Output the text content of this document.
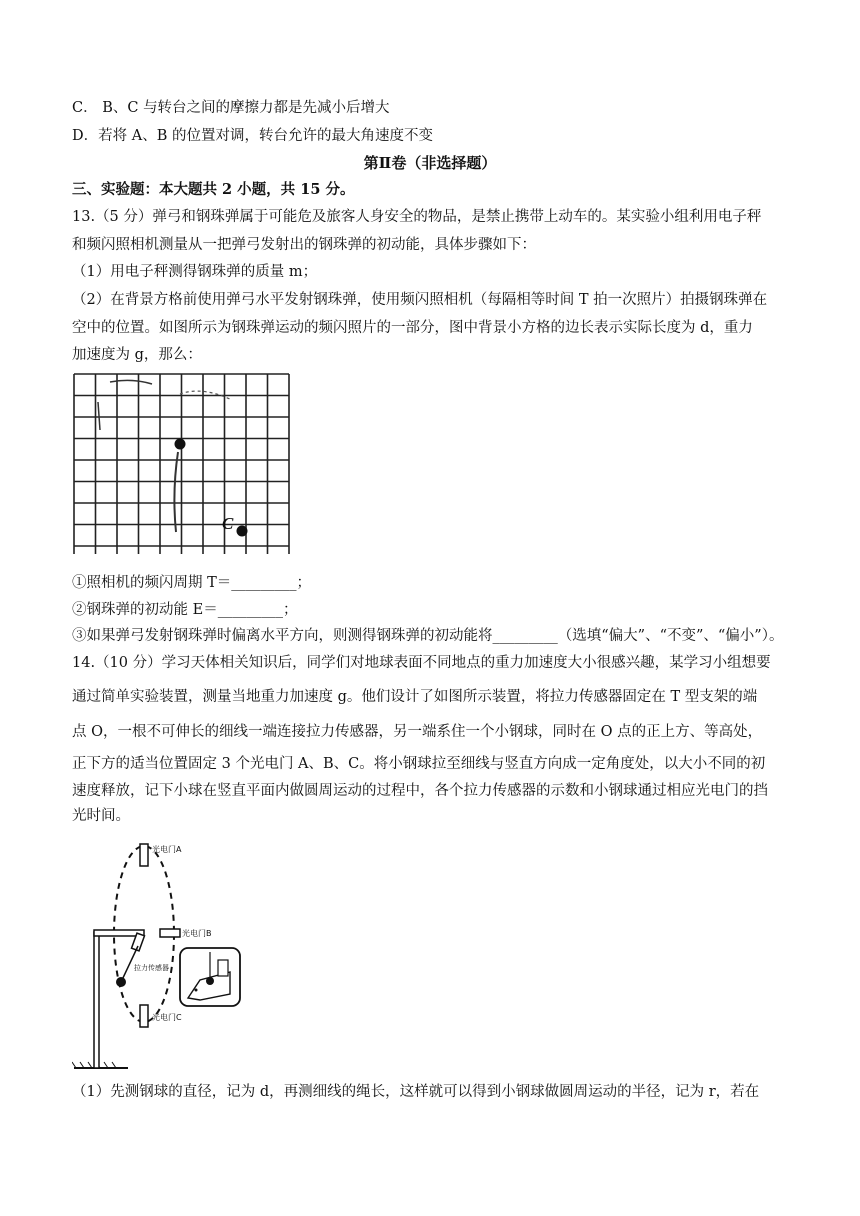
C． B、C 与转台之间的摩擦力都是先减小后增大
D．若将 A、B 的位置对调，转台允许的最大角速度不变
第Ⅱ卷（非选择题）
三、实验题：本大题共 2 小题，共 15 分。
13.（5 分）弹弓和钢珠弹属于可能危及旅客人身安全的物品，是禁止携带上动车的。某实验小组利用电子秤
和频闪照相机测量从一把弹弓发射出的钢珠弹的初动能，具体步骤如下：
（1）用电子秤测得钢珠弹的质量 m；
（2）在背景方格前使用弹弓水平发射钢珠弹，使用频闪照相机（每隔相等时间 T 拍一次照片）拍摄钢珠弹在
空中的位置。如图所示为钢珠弹运动的频闪照片的一部分，图中背景小方格的边长表示实际长度为 d，重力
加速度为 g，那么：
C
①照相机的频闪周期 T＝_________；
②钢珠弹的初动能 E＝_________；
③如果弹弓发射钢珠弹时偏离水平方向，则测得钢珠弹的初动能将_________（选填“偏大”、“不变”、“偏小”）。
14.（10 分）学习天体相关知识后，同学们对地球表面不同地点的重力加速度大小很感兴趣，某学习小组想要
通过简单实验装置，测量当地重力加速度 g。他们设计了如图所示装置，将拉力传感器固定在 T 型支架的端
点 O，一根不可伸长的细线一端连接拉力传感器，另一端系住一个小钢球，同时在 O 点的正上方、等高处，
正下方的适当位置固定 3 个光电门 A、B、C。将小钢球拉至细线与竖直方向成一定角度处，以大小不同的初
速度释放，记下小球在竖直平面内做圆周运动的过程中，各个拉力传感器的示数和小钢球通过相应光电门的挡
光时间。
拉力传感器
光电门A
光电门B
光电门C
（1）先测钢球的直径，记为 d，再测细线的绳长，这样就可以得到小钢球做圆周运动的半径，记为 r，若在
